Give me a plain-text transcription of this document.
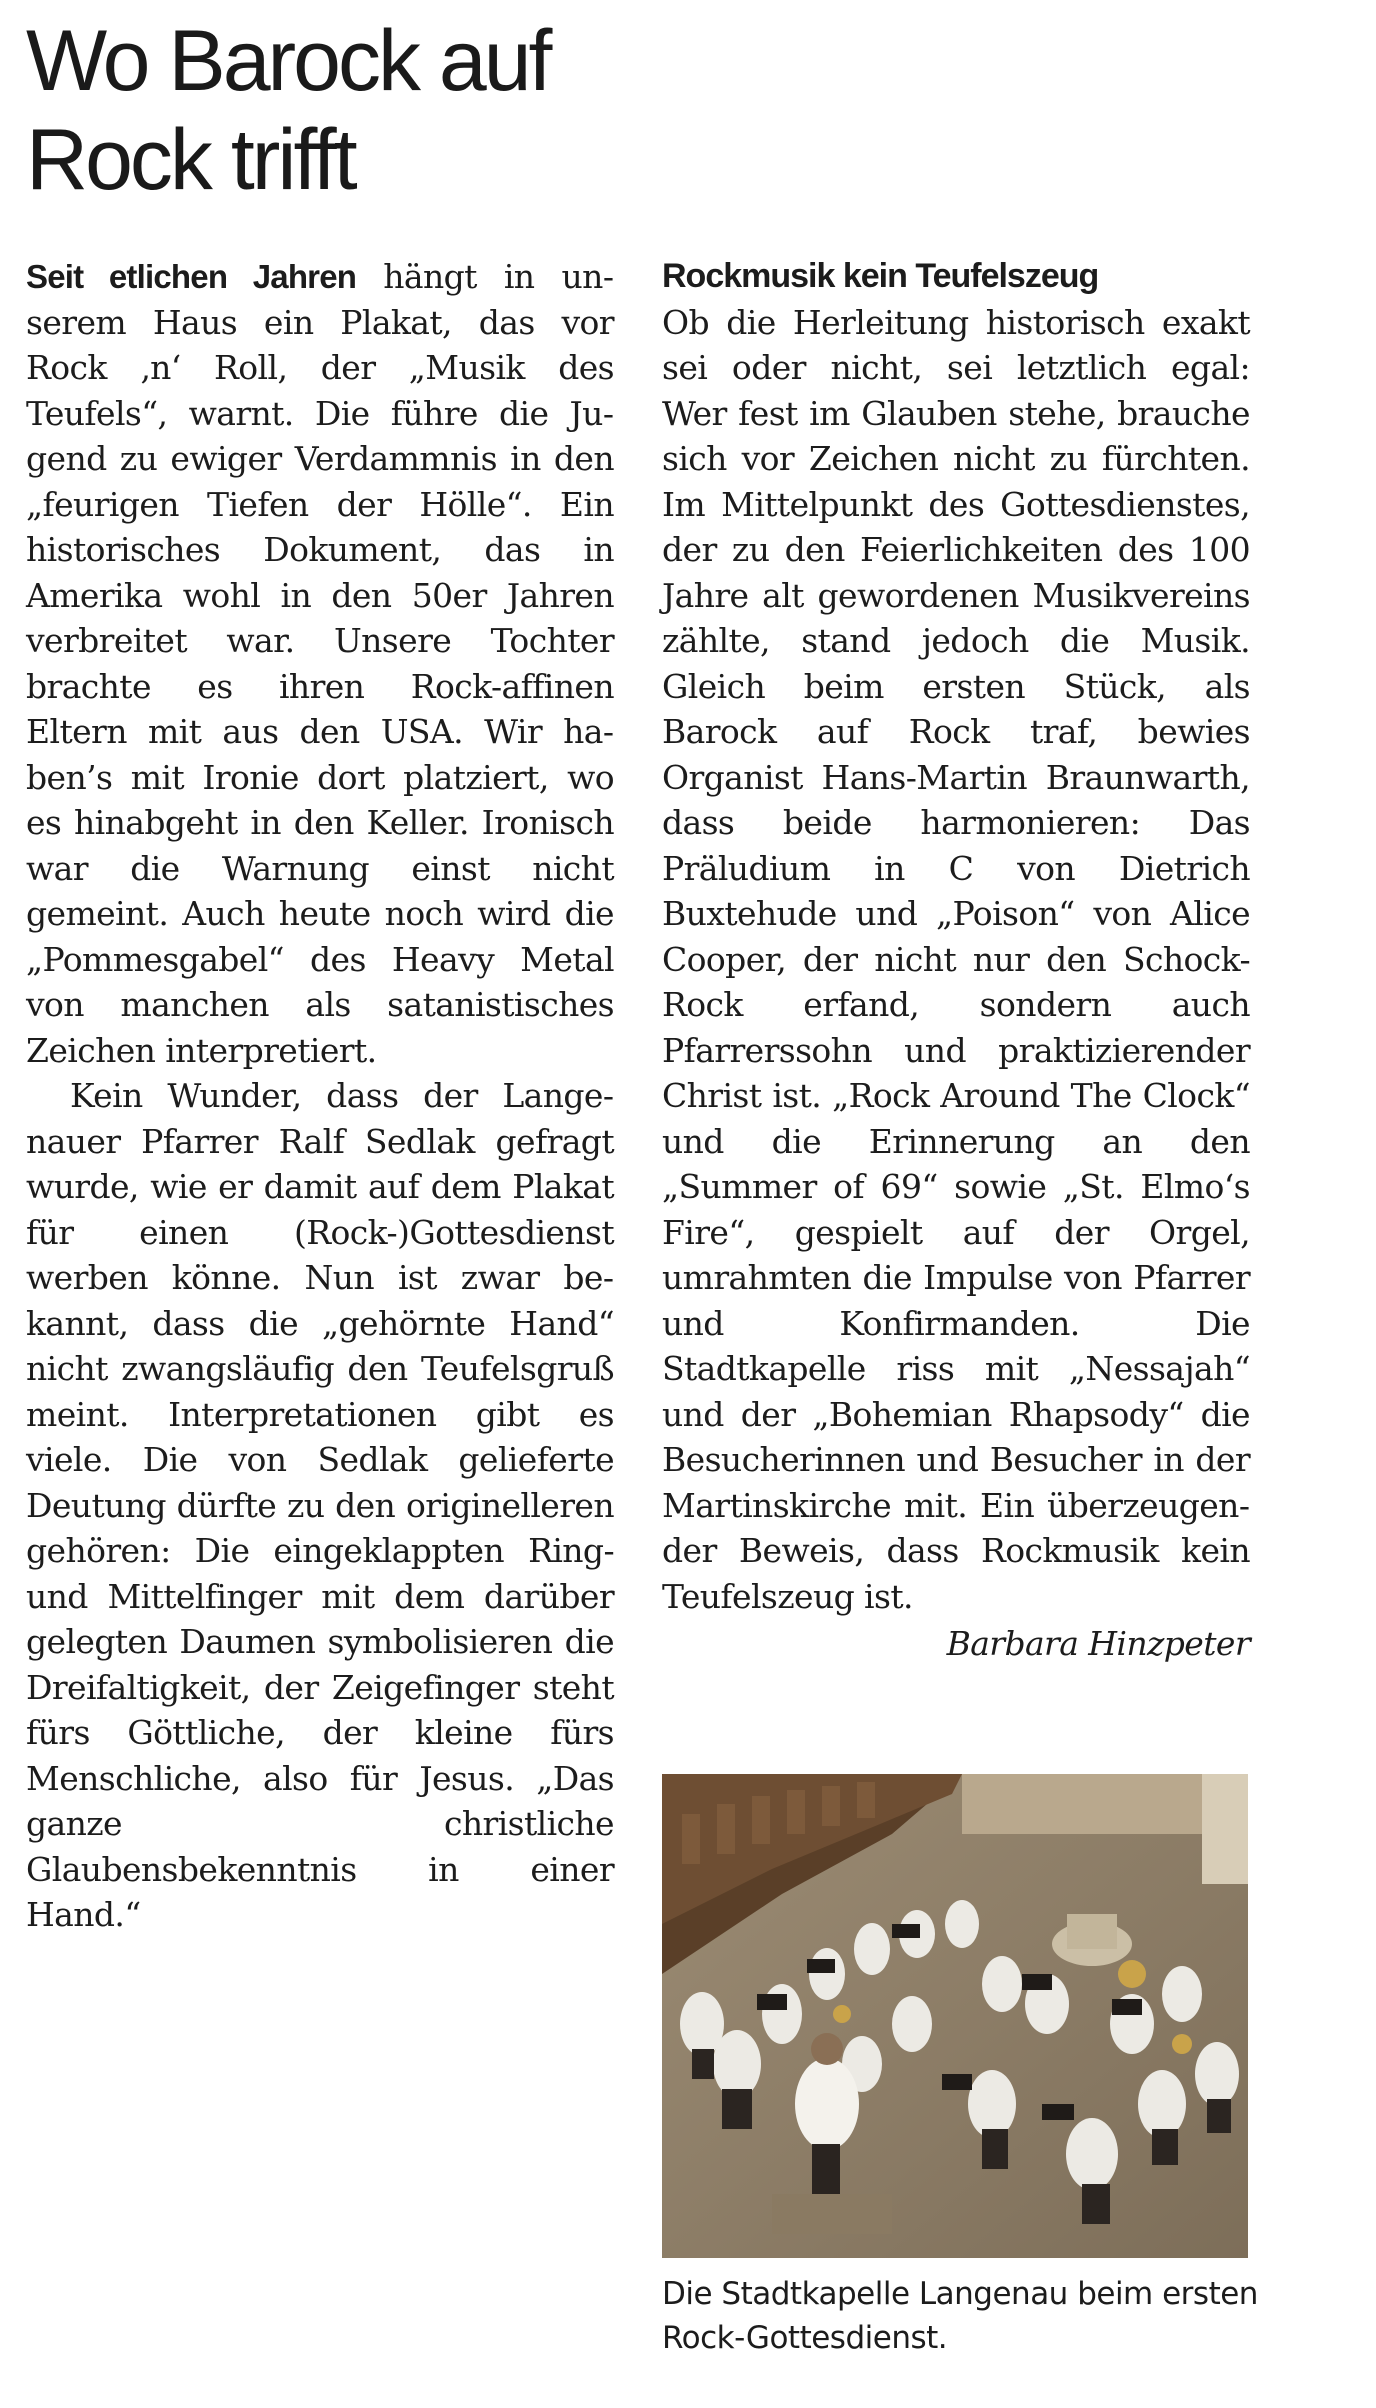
Wo Barock auf
Rock trifft

Seit etlichen Jahren hängt in unserem Haus ein Plakat, das vor Rock ‚n‘ Roll, der „Musik des Teufels“, warnt. Die führe die Jugend zu ewiger Verdammnis in den „feurigen Tiefen der Hölle“. Ein historisches Dokument, das in Amerika wohl in den 50er Jahren verbreitet war. Unsere Tochter brachte es ihren Rock-affinen Eltern mit aus den USA. Wir haben’s mit Ironie dort platziert, wo es hinabgeht in den Keller. Ironisch war die Warnung einst nicht gemeint. Auch heute noch wird die „Pommesgabel“ des Heavy Metal von manchen als satanistisches Zeichen interpretiert.

Kein Wunder, dass der Langenauer Pfarrer Ralf Sedlak gefragt wurde, wie er damit auf dem Plakat für einen (Rock-)Gottesdienst werben könne. Nun ist zwar bekannt, dass die „gehörnte Hand“ nicht zwangsläufig den Teufelsgruß meint. Interpretationen gibt es viele. Die von Sedlak gelieferte Deutung dürfte zu den originelleren gehören: Die eingeklappten Ring- und Mittelfinger mit dem darüber gelegten Daumen symbolisieren die Dreifaltigkeit, der Zeigefinger steht fürs Göttliche, der kleine fürs Menschliche, also für Jesus. „Das ganze christliche Glaubensbekenntnis in einer Hand.“

Rockmusik kein Teufelszeug

Ob die Herleitung historisch exakt sei oder nicht, sei letztlich egal: Wer fest im Glauben stehe, brauche sich vor Zeichen nicht zu fürchten. Im Mittelpunkt des Gottesdienstes, der zu den Feierlichkeiten des 100 Jahre alt gewordenen Musikvereins zählte, stand jedoch die Musik. Gleich beim ersten Stück, als Barock auf Rock traf, bewies Organist Hans-Martin Braunwarth, dass beide harmonieren: Das Präludium in C von Dietrich Buxtehude und „Poison“ von Alice Cooper, der nicht nur den Schock-Rock erfand, sondern auch Pfarrerssohn und praktizierender Christ ist. „Rock Around The Clock“ und die Erinnerung an den „Summer of 69“ sowie „St. Elmo‘s Fire“, gespielt auf der Orgel, umrahmten die Impulse von Pfarrer und Konfirmanden. Die Stadtkapelle riss mit „Nessajah“ und der „Bohemian Rhapsody“ die Besucherinnen und Besucher in der Martinskirche mit. Ein überzeugender Beweis, dass Rockmusik kein Teufelszeug ist.

Barbara Hinzpeter

Die Stadtkapelle Langenau beim ersten Rock-Gottesdienst.
